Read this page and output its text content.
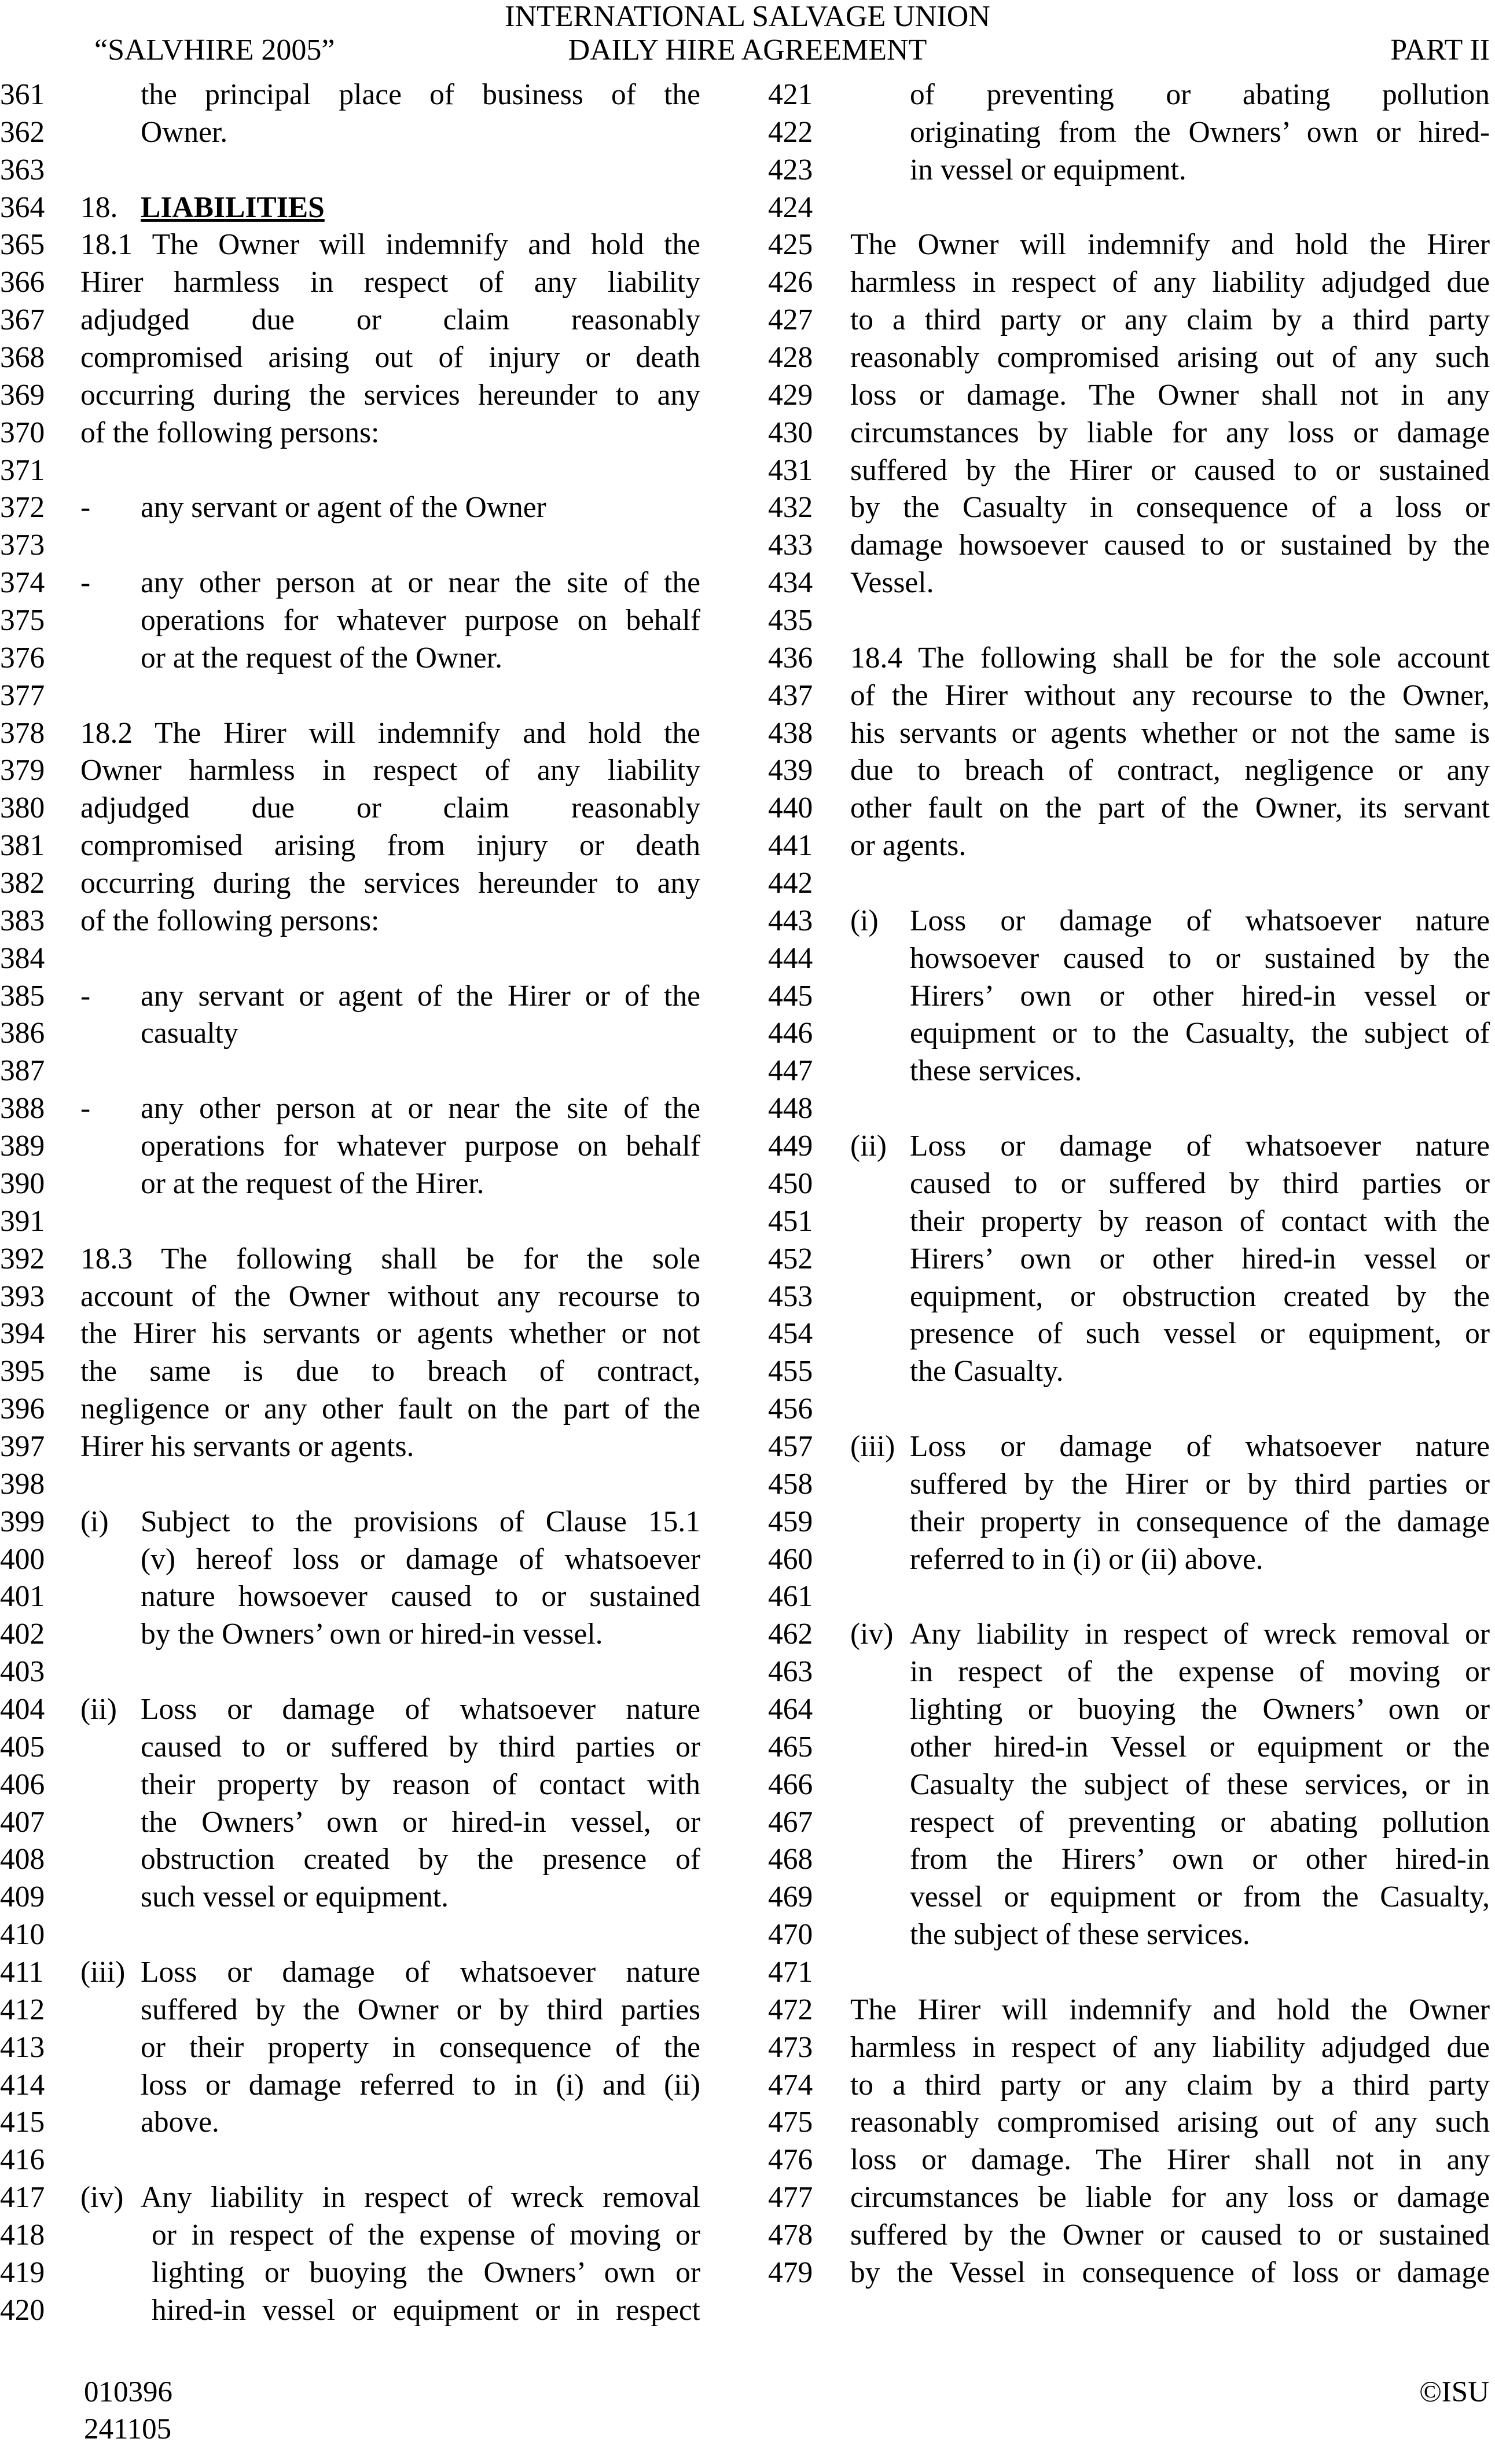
INTERNATIONAL SALVAGE UNION
“SALVHIRE 2005”	DAILY HIRE AGREEMENT	PART II
361	the principal place of business of the
362	Owner.
363
364 18. LIABILITIES
365 18.1 The Owner will indemnify and hold the
366 Hirer harmless in respect of any liability
367 adjudged due or claim reasonably
368 compromised arising out of injury or death
369 occurring during the services hereunder to any
370 of the following persons:
371
372 - any servant or agent of the Owner
373
374 - any other person at or near the site of the
375	operations for whatever purpose on behalf
376	or at the request of the Owner.
377
378 18.2 The Hirer will indemnify and hold the
379 Owner harmless in respect of any liability
380 adjudged due or claim reasonably
381 compromised arising from injury or death
382 occurring during the services hereunder to any
383 of the following persons:
384
385 - any servant or agent of the Hirer or of the
386	casualty
387
388 - any other person at or near the site of the
389	operations for whatever purpose on behalf
390	or at the request of the Hirer.
391
392 18.3 The following shall be for the sole
393 account of the Owner without any recourse to
394 the Hirer his servants or agents whether or not
395 the same is due to breach of contract,
396 negligence or any other fault on the part of the
397 Hirer his servants or agents.
398
399 (i) Subject to the provisions of Clause 15.1
400	(v) hereof loss or damage of whatsoever
401	nature howsoever caused to or sustained
402	by the Owners’ own or hired-in vessel.
403
404 (ii) Loss or damage of whatsoever nature
405	caused to or suffered by third parties or
406	their property by reason of contact with
407	the Owners’ own or hired-in vessel, or
408	obstruction created by the presence of
409	such vessel or equipment.
410
411 (iii) Loss or damage of whatsoever nature
412	suffered by the Owner or by third parties
413	or their property in consequence of the
414	loss or damage referred to in (i) and (ii)
415	above.
416
417 (iv) Any liability in respect of wreck removal
418	or in respect of the expense of moving or
419	lighting or buoying the Owners’ own or
420	hired-in vessel or equipment or in respect
421	of preventing or abating pollution
422	originating from the Owners’ own or hired-
423	in vessel or equipment.
424
425 The Owner will indemnify and hold the Hirer
426 harmless in respect of any liability adjudged due
427 to a third party or any claim by a third party
428 reasonably compromised arising out of any such
429 loss or damage. The Owner shall not in any
430 circumstances by liable for any loss or damage
431 suffered by the Hirer or caused to or sustained
432 by the Casualty in consequence of a loss or
433 damage howsoever caused to or sustained by the
434 Vessel.
435
436 18.4 The following shall be for the sole account
437 of the Hirer without any recourse to the Owner,
438 his servants or agents whether or not the same is
439 due to breach of contract, negligence or any
440 other fault on the part of the Owner, its servant
441 or agents.
442
443 (i) Loss or damage of whatsoever nature
444	howsoever caused to or sustained by the
445	Hirers’ own or other hired-in vessel or
446	equipment or to the Casualty, the subject of
447	these services.
448
449 (ii) Loss or damage of whatsoever nature
450	caused to or suffered by third parties or
451	their property by reason of contact with the
452	Hirers’ own or other hired-in vessel or
453	equipment, or obstruction created by the
454	presence of such vessel or equipment, or
455	the Casualty.
456
457 (iii) Loss or damage of whatsoever nature
458	suffered by the Hirer or by third parties or
459	their property in consequence of the damage
460	referred to in (i) or (ii) above.
461
462 (iv) Any liability in respect of wreck removal or
463	in respect of the expense of moving or
464	lighting or buoying the Owners’ own or
465	other hired-in Vessel or equipment or the
466	Casualty the subject of these services, or in
467	respect of preventing or abating pollution
468	from the Hirers’ own or other hired-in
469	vessel or equipment or from the Casualty,
470	the subject of these services.
471
472 The Hirer will indemnify and hold the Owner
473 harmless in respect of any liability adjudged due
474 to a third party or any claim by a third party
475 reasonably compromised arising out of any such
476 loss or damage. The Hirer shall not in any
477 circumstances be liable for any loss or damage
478 suffered by the Owner or caused to or sustained
479 by the Vessel in consequence of loss or damage
010396
241105
©ISU
